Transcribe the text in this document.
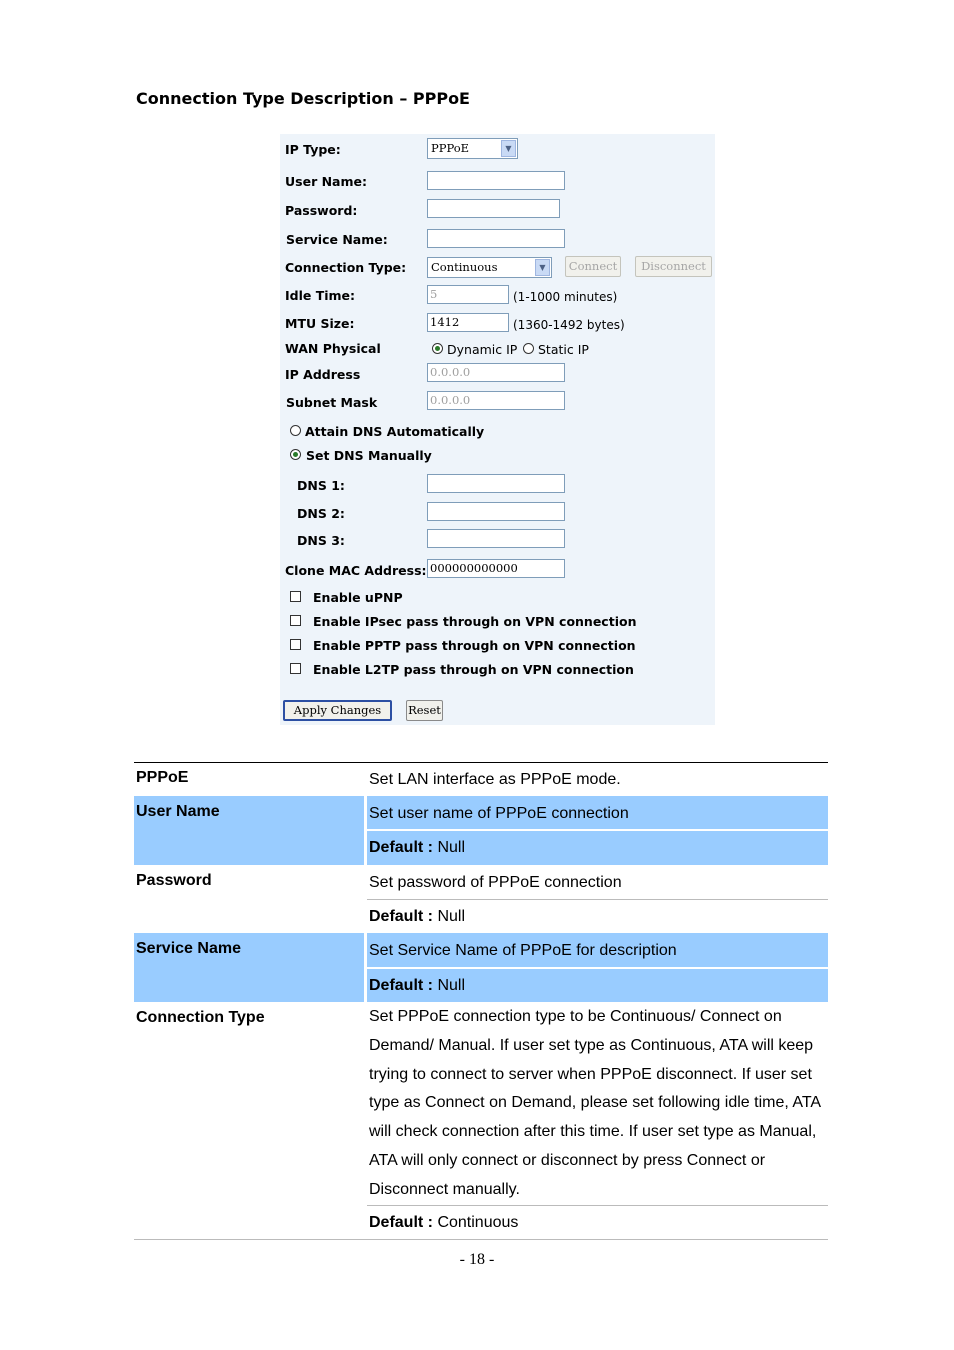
Connection Type Description – PPPoE
IP Type:	PPPoE	▼
User Name:
Password:
Service Name:
Connection Type:	Continuous	▼	Connect	Disconnect
Idle Time:	5	(1-1000 minutes)
MTU Size:	1412	(1360-1492 bytes)
WAN Physical	Dynamic IP Static IP
IP Address	0.0.0.0
Subnet Mask	0.0.0.0
Attain DNS Automatically
Set DNS Manually
DNS 1:
DNS 2:
DNS 3:
Clone MAC Address: 000000000000
Enable uPNP
Enable IPsec pass through on VPN connection
Enable PPTP pass through on VPN connection
Enable L2TP pass through on VPN connection
Apply Changes	Reset
PPPoE	Set LAN interface as PPPoE mode.
User Name	Set user name of PPPoE connection
Default : Null
Password	Set password of PPPoE connection
Default : Null
Service Name	Set Service Name of PPPoE for description
Default : Null
Connection Type	Set PPPoE connection type to be Continuous/ Connect on
Demand/ Manual. If user set type as Continuous, ATA will keep
trying to connect to server when PPPoE disconnect. If user set
type as Connect on Demand, please set following idle time, ATA
will check connection after this time. If user set type as Manual,
ATA will only connect or disconnect by press Connect or
Disconnect manually.
Default : Continuous
- 18 -
